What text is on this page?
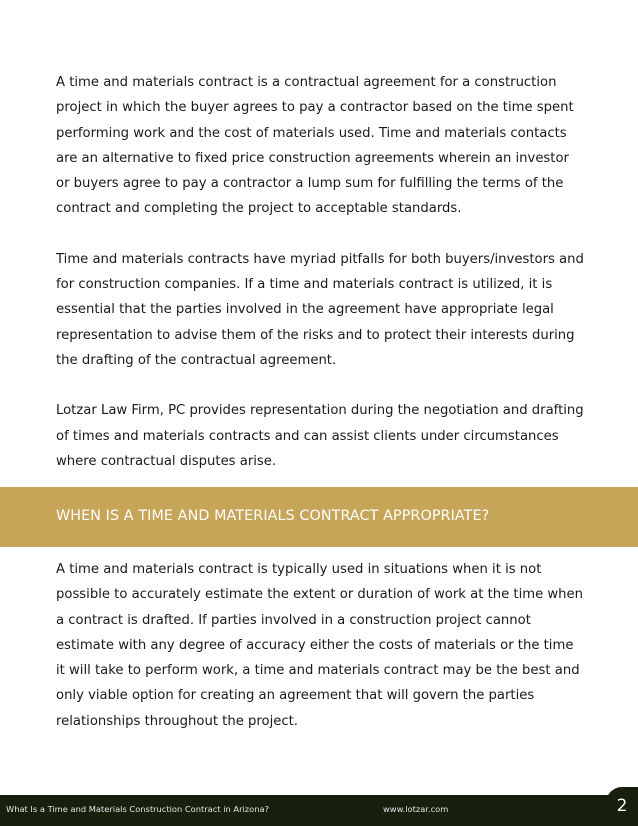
A time and materials contract is a contractual agreement for a construction project in which the buyer agrees to pay a contractor based on the time spent performing work and the cost of materials used. Time and materials contacts are an alternative to fixed price construction agreements wherein an investor or buyers agree to pay a contractor a lump sum for fulfilling the terms of the contract and completing the project to acceptable standards.

Time and materials contracts have myriad pitfalls for both buyers/investors and for construction companies. If a time and materials contract is utilized, it is essential that the parties involved in the agreement have appropriate legal representation to advise them of the risks and to protect their interests during the drafting of the contractual agreement.

Lotzar Law Firm, PC provides representation during the negotiation and drafting of times and materials contracts and can assist clients under circumstances where contractual disputes arise.

WHEN IS A TIME AND MATERIALS CONTRACT APPROPRIATE?

A time and materials contract is typically used in situations when it is not possible to accurately estimate the extent or duration of work at the time when a contract is drafted. If parties involved in a construction project cannot estimate with any degree of accuracy either the costs of materials or the time it will take to perform work, a time and materials contract may be the best and only viable option for creating an agreement that will govern the parties relationships throughout the project.

What Is a Time and Materials Construction Contract in Arizona?	www.lotzar.com	2
